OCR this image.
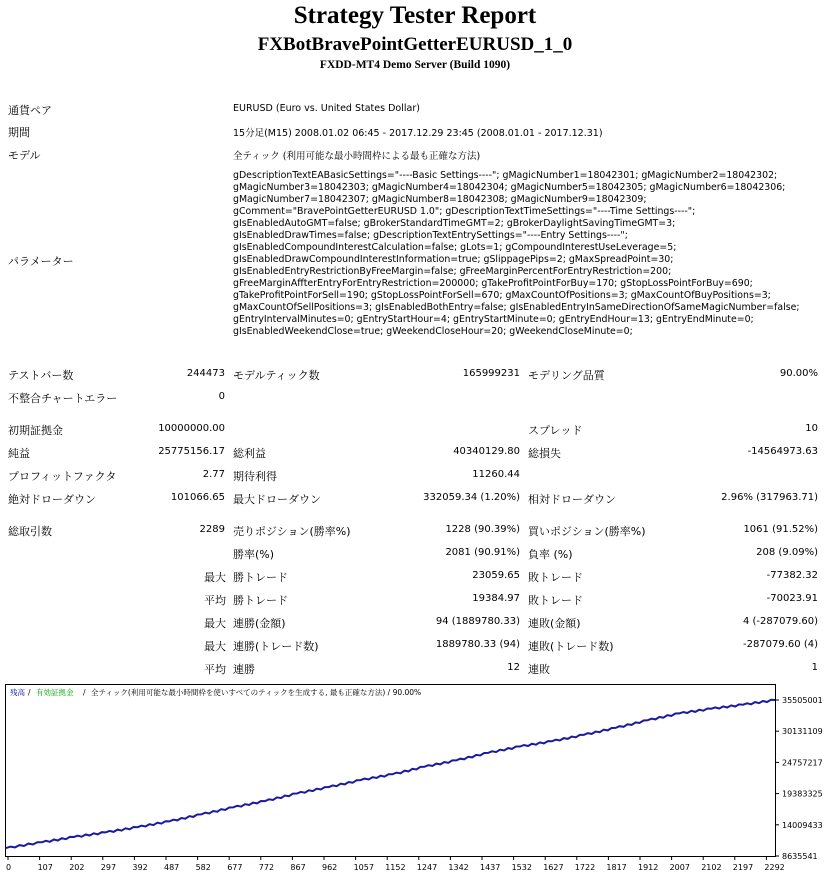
Strategy Tester Report
FXBotBravePointGetterEURUSD_1_0
FXDD-MT4 Demo Server (Build 1090)
通貨ペア	EURUSD (Euro vs. United States Dollar)
期間	15分足(M15) 2008.01.02 06:45 - 2017.12.29 23:45 (2008.01.01 - 2017.12.31)
モデル	全ティック (利用可能な最小時間枠による最も正確な方法)
パラメーター
gDescriptionTextEABasicSettings="----Basic Settings----"; gMagicNumber1=18042301; gMagicNumber2=18042302;
gMagicNumber3=18042303; gMagicNumber4=18042304; gMagicNumber5=18042305; gMagicNumber6=18042306;
gMagicNumber7=18042307; gMagicNumber8=18042308; gMagicNumber9=18042309;
gComment="BravePointGetterEURUSD 1.0"; gDescriptionTextTimeSettings="----Time Settings----";
gIsEnabledAutoGMT=false; gBrokerStandardTimeGMT=2; gBrokerDaylightSavingTimeGMT=3;
gIsEnabledDrawTimes=false; gDescriptionTextEntrySettings="----Entry Settings----";
gIsEnabledCompoundInterestCalculation=false; gLots=1; gCompoundInterestUseLeverage=5;
gIsEnabledDrawCompoundInterestInformation=true; gSlippagePips=2; gMaxSpreadPoint=30;
gIsEnabledEntryRestrictionByFreeMargin=false; gFreeMarginPercentForEntryRestriction=200;
gFreeMarginAffterEntryForEntryRestriction=200000; gTakeProfitPointForBuy=170; gStopLossPointForBuy=690;
gTakeProfitPointForSell=190; gStopLossPointForSell=670; gMaxCountOfPositions=3; gMaxCountOfBuyPositions=3;
gMaxCountOfSellPositions=3; gIsEnabledBothEntry=false; gIsEnabledEntryInSameDirectionOfSameMagicNumber=false;
gEntryIntervalMinutes=0; gEntryStartHour=4; gEntryStartMinute=0; gEntryEndHour=13; gEntryEndMinute=0;
gIsEnabledWeekendClose=true; gWeekendCloseHour=20; gWeekendCloseMinute=0;
テストバー数	244473 モデルティック数	165999231 モデリング品質	90.00%
不整合チャートエラー	0
初期証拠金	10000000.00	スプレッド	10
純益	25775156.17 総利益	40340129.80 総損失	-14564973.63
プロフィットファクタ	2.77 期待利得	11260.44
絶対ドローダウン	101066.65 最大ドローダウン	332059.34 (1.20%) 相対ドローダウン	2.96% (317963.71)
総取引数	2289 売りポジション(勝率%)	1228 (90.39%) 買いポジション(勝率%)	1061 (91.52%)
勝率(%)	2081 (90.91%) 負率 (%)	208 (9.09%)
最大 勝トレード	23059.65 敗トレード	-77382.32
平均 勝トレード	19384.97 敗トレード	-70023.91
最大 連勝(金額)	94 (1889780.33) 連敗(金額)	4 (-287079.60)
最大 連勝(トレード数)	1889780.33 (94) 連敗(トレード数)	-287079.60 (4)
平均 連勝	12 連敗	1
残高 / 有効証拠金 / 全ティック(利用可能な最小時間枠を使いすべてのティックを生成する, 最も正確な方法) / 90.00%
35505001
30131109
24757217
19383325
14009433
8635541
0	107 202 297 392 487 582 677 772 867 962 1057 1152 1247 1342 1437 1532 1627 1722 1817 1912 2007 2102 2197 2292
